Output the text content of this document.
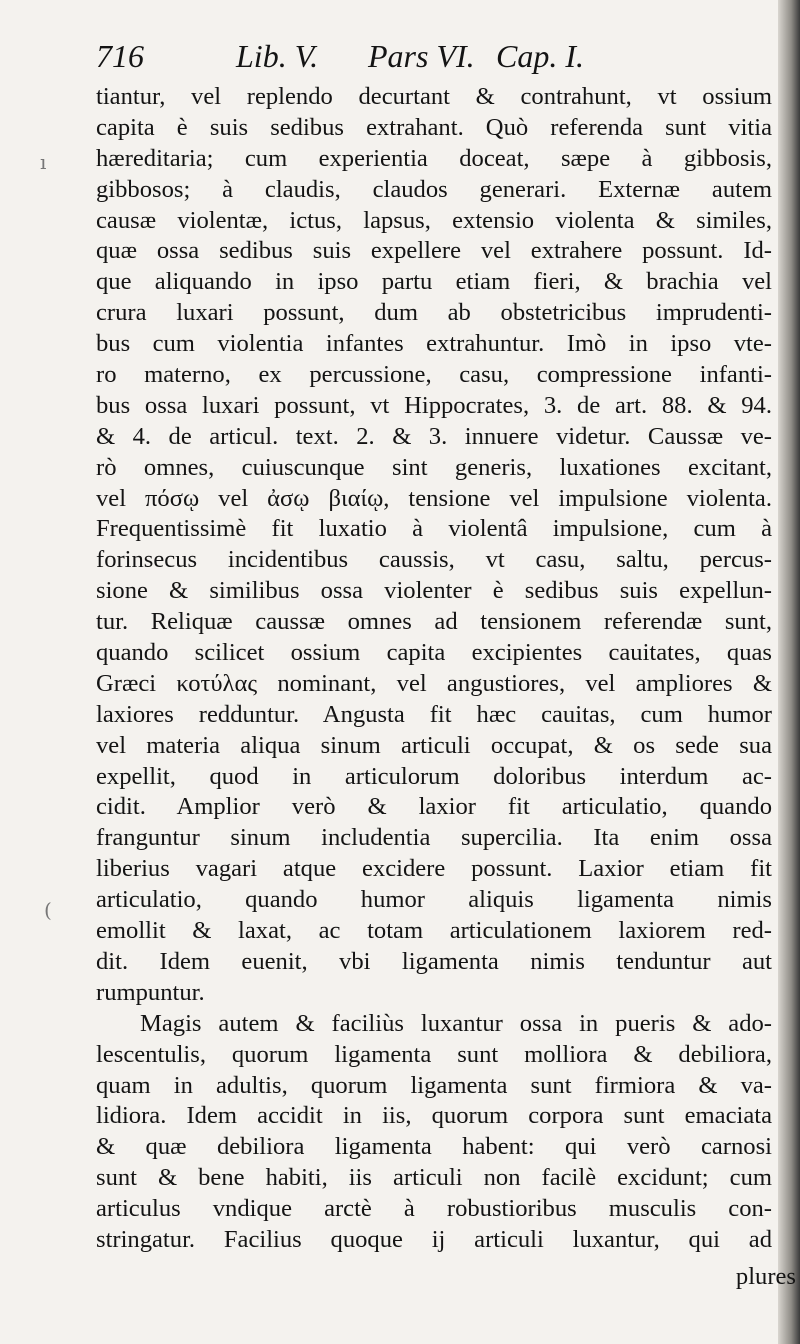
716	Lib. V. Pars VI. Cap. I.
tiantur, vel replendo decurtant & contrahunt, vt ossium
capita è suis sedibus extrahant. Quò referenda sunt vitia
hæreditaria; cum experientia doceat, sæpe à gibbosis,
gibbosos; à claudis, claudos generari. Externæ autem
causæ violentæ, ictus, lapsus, extensio violenta & similes,
quæ ossa sedibus suis expellere vel extrahere possunt. Id-
que aliquando in ipso partu etiam fieri, & brachia vel
crura luxari possunt, dum ab obstetricibus imprudenti-
bus cum violentia infantes extrahuntur. Imò in ipso vte-
ro materno, ex percussione, casu, compressione infanti-
bus ossa luxari possunt, vt Hippocrates, 3. de art. 88. & 94.
& 4. de articul. text. 2. & 3. innuere videtur. Caussæ ve-
rò omnes, cuiuscunque sint generis, luxationes excitant,
vel πόσῳ vel ἀσῳ βιαίῳ, tensione vel impulsione violenta.
Frequentissimè fit luxatio à violentâ impulsione, cum à
forinsecus incidentibus caussis, vt casu, saltu, percus-
sione & similibus ossa violenter è sedibus suis expellun-
tur. Reliquæ caussæ omnes ad tensionem referendæ sunt,
quando scilicet ossium capita excipientes cauitates, quas
Græci κοτύλας nominant, vel angustiores, vel ampliores &
laxiores redduntur. Angusta fit hæc cauitas, cum humor
vel materia aliqua sinum articuli occupat, & os sede sua
expellit, quod in articulorum doloribus interdum ac-
cidit. Amplior verò & laxior fit articulatio, quando
franguntur sinum includentia supercilia. Ita enim ossa
liberius vagari atque excidere possunt. Laxior etiam fit
articulatio, quando humor aliquis ligamenta nimis
emollit & laxat, ac totam articulationem laxiorem red-
dit. Idem euenit, vbi ligamenta nimis tenduntur aut
rumpuntur.
Magis autem & faciliùs luxantur ossa in pueris & ado-
lescentulis, quorum ligamenta sunt molliora & debiliora,
quam in adultis, quorum ligamenta sunt firmiora & va-
lidiora. Idem accidit in iis, quorum corpora sunt emaciata
& quæ debiliora ligamenta habent: qui verò carnosi
sunt & bene habiti, iis articuli non facilè excidunt; cum
articulus vndique arctè à robustioribus musculis con-
stringatur. Facilius quoque ij articuli luxantur, qui ad
plures
ı
(
